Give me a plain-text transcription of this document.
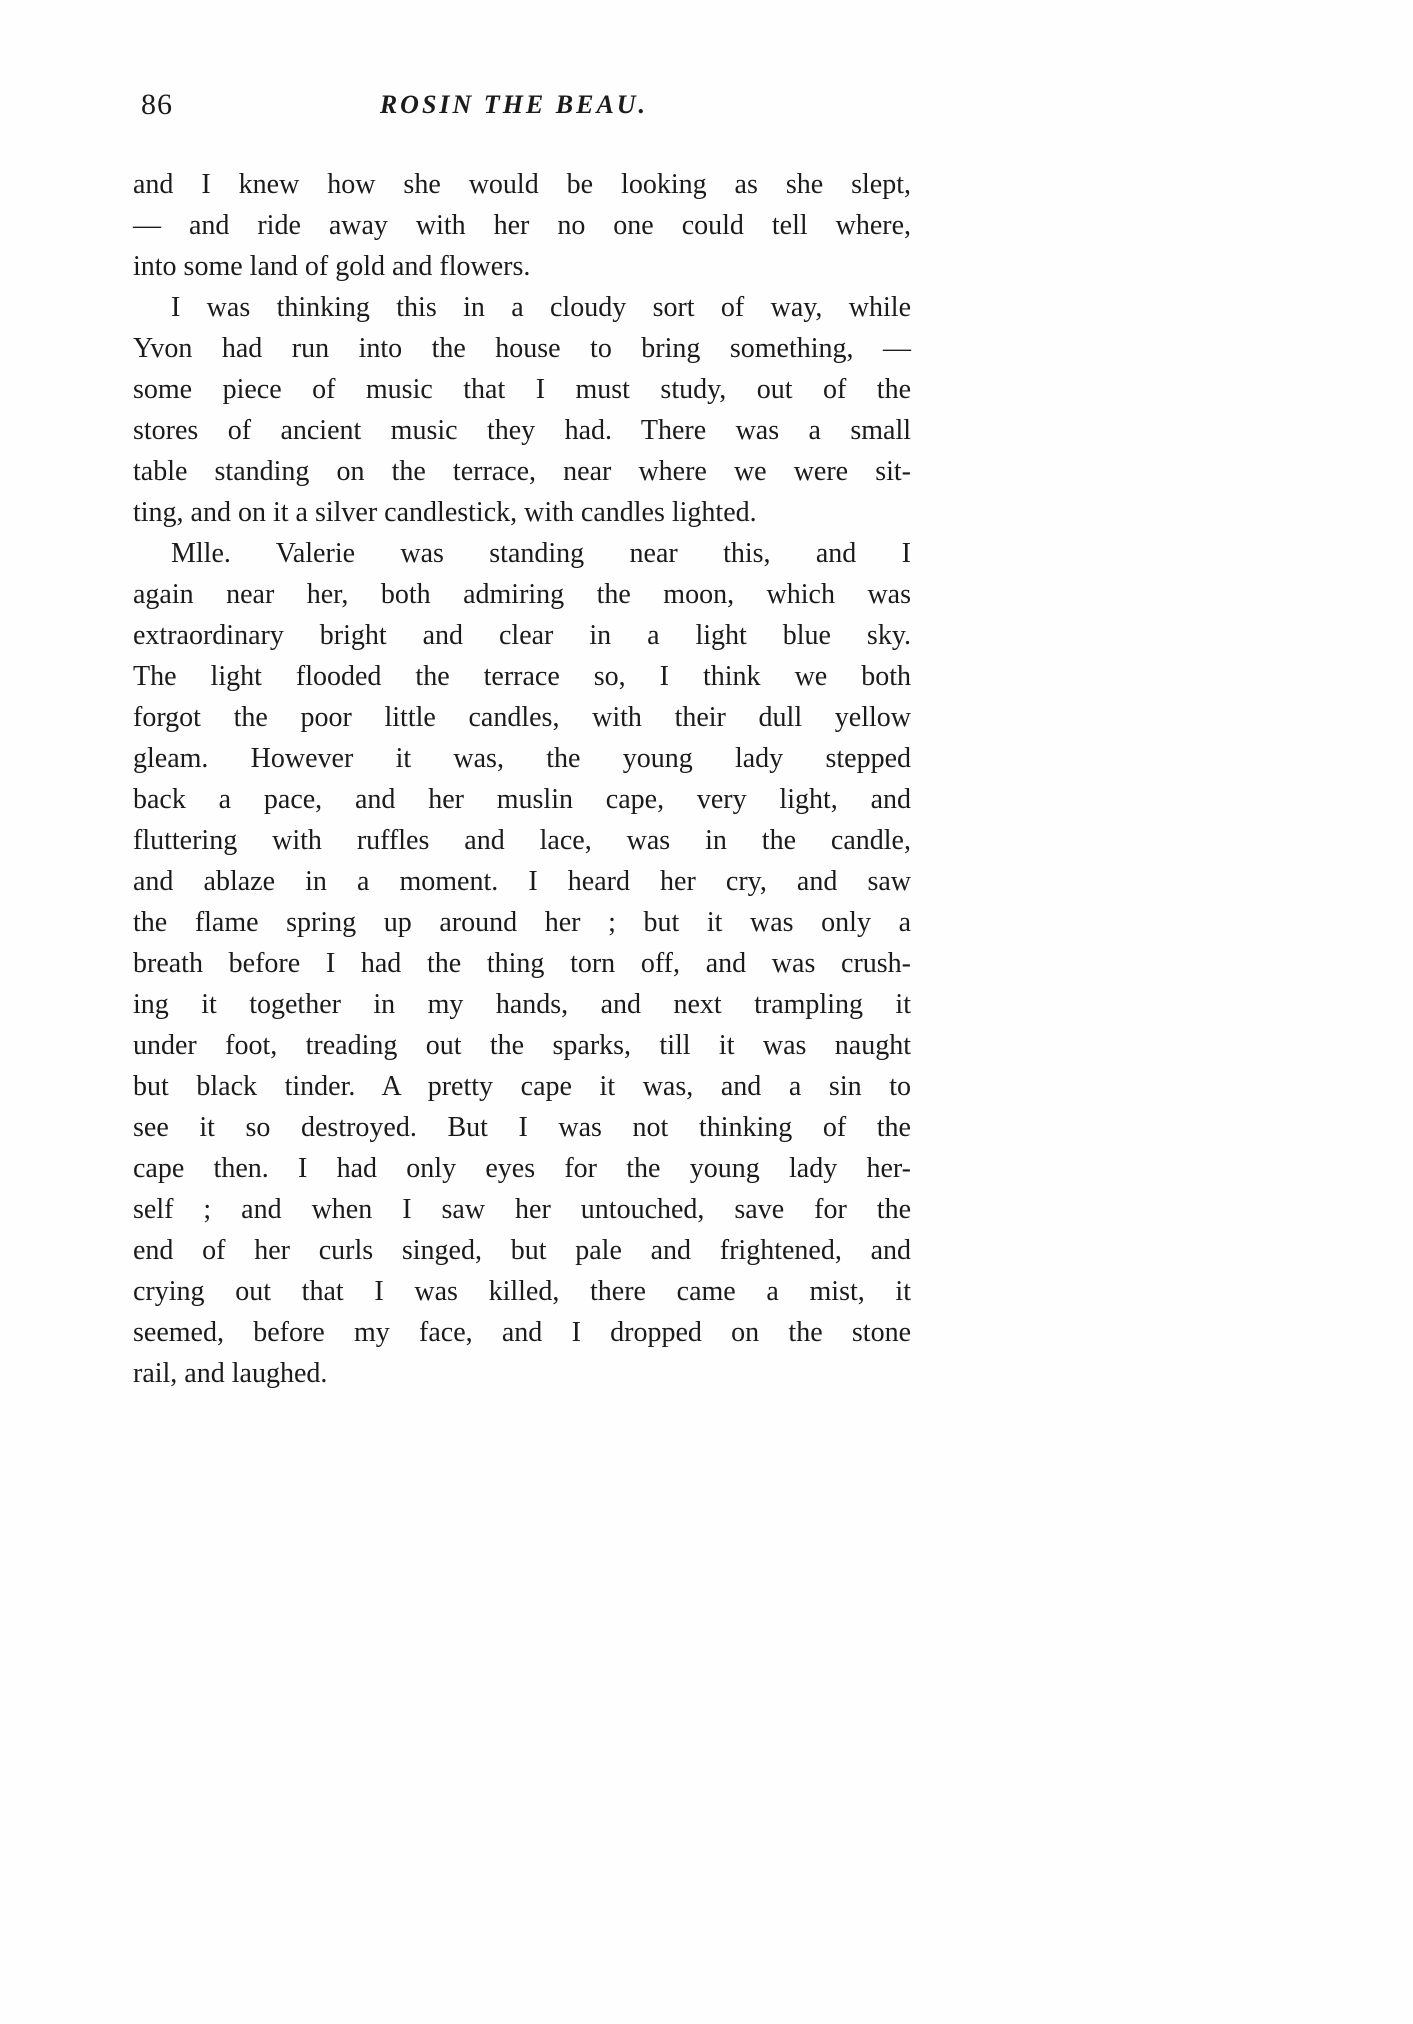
86	ROSIN THE BEAU.
and I knew how she would be looking as she slept,
— and ride away with her no one could tell where,
into some land of gold and flowers.
I was thinking this in a cloudy sort of way, while
Yvon had run into the house to bring something, —
some piece of music that I must study, out of the
stores of ancient music they had. There was a small
table standing on the terrace, near where we were sit-
ting, and on it a silver candlestick, with candles lighted.
Mlle. Valerie was standing near this, and I
again near her, both admiring the moon, which was
extraordinary bright and clear in a light blue sky.
The light flooded the terrace so, I think we both
forgot the poor little candles, with their dull yellow
gleam. However it was, the young lady stepped
back a pace, and her muslin cape, very light, and
fluttering with ruffles and lace, was in the candle,
and ablaze in a moment. I heard her cry, and saw
the flame spring up around her ; but it was only a
breath before I had the thing torn off, and was crush-
ing it together in my hands, and next trampling it
under foot, treading out the sparks, till it was naught
but black tinder. A pretty cape it was, and a sin to
see it so destroyed. But I was not thinking of the
cape then. I had only eyes for the young lady her-
self ; and when I saw her untouched, save for the
end of her curls singed, but pale and frightened, and
crying out that I was killed, there came a mist, it
seemed, before my face, and I dropped on the stone
rail, and laughed.
